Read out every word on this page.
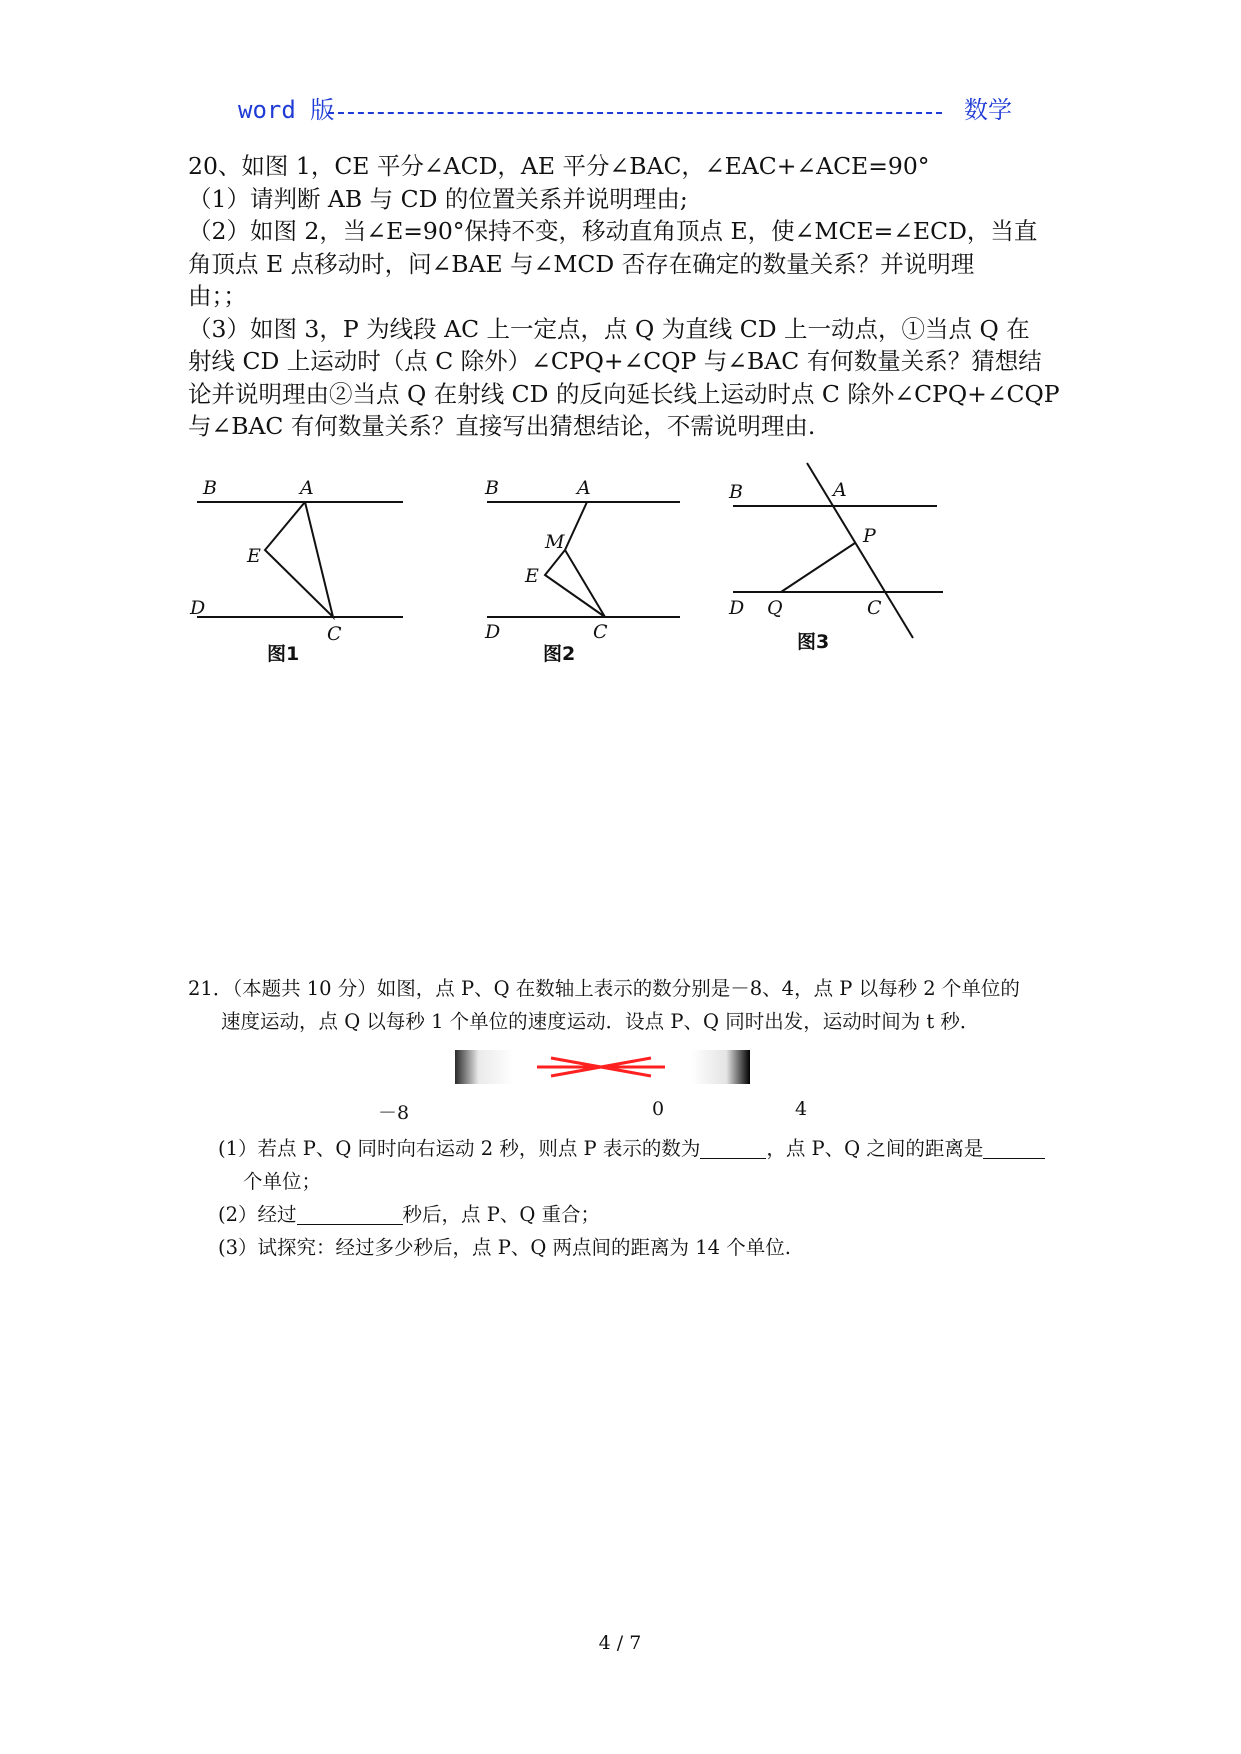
word 版	数学

20、如图 1，CE 平分∠ACD，AE 平分∠BAC，∠EAC+∠ACE=90°

（1）请判断 AB 与 CD 的位置关系并说明理由;

（2）如图 2，当∠E=90°保持不变，移动直角顶点 E，使∠MCE=∠ECD，当直

角顶点 E 点移动时，问∠BAE 与∠MCD 否存在确定的数量关系？并说明理

由；；

（3）如图 3，P 为线段 AC 上一定点，点 Q 为直线 CD 上一动点，①当点 Q 在

射线 CD 上运动时（点 C 除外）∠CPQ+∠CQP 与∠BAC 有何数量关系？猜想结

论并说明理由②当点 Q 在射线 CD 的反向延长线上运动时点 C 除外∠CPQ+∠CQP

与∠BAC 有何数量关系？直接写出猜想结论，不需说明理由.

B	A
E
D
C
图1
B	A
M
E
D	C
图2
B	A
P
D Q	C
图3

21．（本题共 10 分）如图，点 P、Q 在数轴上表示的数分别是－8、4，点 P 以每秒 2 个单位的

速度运动，点 Q 以每秒 1 个单位的速度运动．设点 P、Q 同时出发，运动时间为 t 秒．

－8	0	4

(1）若点 P、Q 同时向右运动 2 秒，则点 P 表示的数为	，点 P、Q 之间的距离是

个单位；

(2）经过	秒后，点 P、Q 重合；

(3）试探究：经过多少秒后，点 P、Q 两点间的距离为 14 个单位.

4 / 7
